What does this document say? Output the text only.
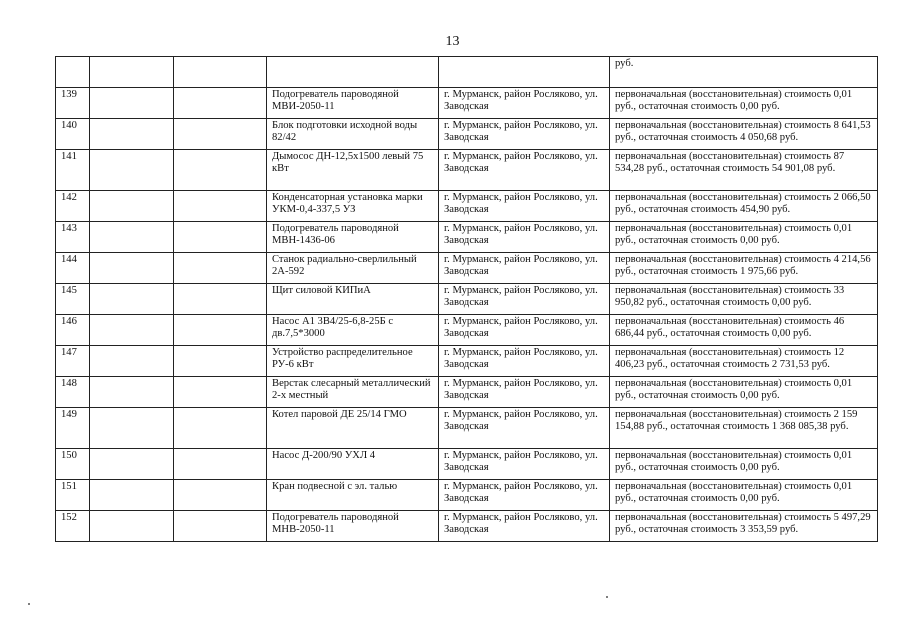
13
					руб.
139			Подогреватель пароводяной МВИ-2050-11	г. Мурманск, район Росляково, ул. Заводская	первоначальная (восстановительная) стоимость 0,01 руб., остаточная стоимость 0,00 руб.
140			Блок подготовки исходной воды 82/42	г. Мурманск, район Росляково, ул. Заводская	первоначальная (восстановительная) стоимость 8 641,53 руб., остаточная стоимость 4 050,68 руб.
141			Дымосос ДН-12,5х1500 левый 75 кВт	г. Мурманск, район Росляково, ул. Заводская	первоначальная (восстановительная) стоимость 87 534,28 руб., остаточная стоимость 54 901,08 руб.
142			Конденсаторная установка марки УКМ-0,4-337,5 УЗ	г. Мурманск, район Росляково, ул. Заводская	первоначальная (восстановительная) стоимость 2 066,50 руб., остаточная стоимость 454,90 руб.
143			Подогреватель пароводяной МВН-1436-06	г. Мурманск, район Росляково, ул. Заводская	первоначальная (восстановительная) стоимость 0,01 руб., остаточная стоимость 0,00 руб.
144			Станок радиально-сверлильный 2А-592	г. Мурманск, район Росляково, ул. Заводская	первоначальная (восстановительная) стоимость 4 214,56 руб., остаточная стоимость 1 975,66 руб.
145			Щит силовой КИПиА	г. Мурманск, район Росляково, ул. Заводская	первоначальная (восстановительная) стоимость 33 950,82 руб., остаточная стоимость 0,00 руб.
146			Насос А1 3В4/25-6,8-25Б с дв.7,5*3000	г. Мурманск, район Росляково, ул. Заводская	первоначальная (восстановительная) стоимость 46 686,44 руб., остаточная стоимость 0,00 руб.
147			Устройство распределительное РУ-6 кВт	г. Мурманск, район Росляково, ул. Заводская	первоначальная (восстановительная) стоимость 12 406,23 руб., остаточная стоимость 2 731,53 руб.
148			Верстак слесарный металлический 2-х местный	г. Мурманск, район Росляково, ул. Заводская	первоначальная (восстановительная) стоимость 0,01 руб., остаточная стоимость 0,00 руб.
149			Котел паровой ДЕ 25/14 ГМО	г. Мурманск, район Росляково, ул. Заводская	первоначальная (восстановительная) стоимость 2 159 154,88 руб., остаточная стоимость 1 368 085,38 руб.
150			Насос Д-200/90 УХЛ 4	г. Мурманск, район Росляково, ул. Заводская	первоначальная (восстановительная) стоимость 0,01 руб., остаточная стоимость 0,00 руб.
151			Кран подвесной с эл. талью	г. Мурманск, район Росляково, ул. Заводская	первоначальная (восстановительная) стоимость 0,01 руб., остаточная стоимость 0,00 руб.
152			Подогреватель пароводяной МНВ-2050-11	г. Мурманск, район Росляково, ул. Заводская	первоначальная (восстановительная) стоимость 5 497,29 руб., остаточная стоимость 3 353,59 руб.
